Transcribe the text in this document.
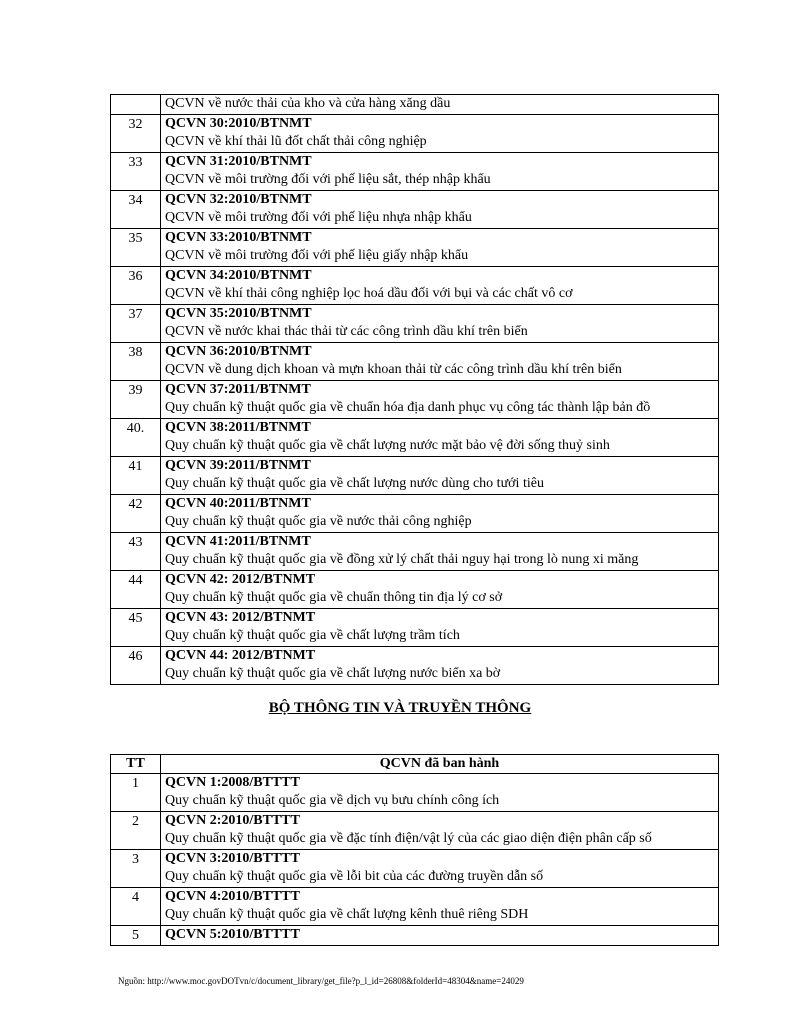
	QCVN về nước thải của kho và cửa hàng xăng dầu
32	QCVN 30:2010/BTNMT
QCVN về khí thải lũ đốt chất thải công nghiệp

33	QCVN 31:2010/BTNMT
QCVN về môi trường đối với phế liệu sắt, thép nhập khẩu

34	QCVN 32:2010/BTNMT
QCVN về môi trường đối với phế liệu nhựa nhập khẩu

35	QCVN 33:2010/BTNMT
QCVN về môi trường đối với phế liệu giấy nhập khẩu

36	QCVN 34:2010/BTNMT
QCVN về khí thải công nghiệp lọc hoá dầu đối với bụi và các chất vô cơ

37	QCVN 35:2010/BTNMT
QCVN về nước khai thác thải từ các công trình dầu khí trên biển

38	QCVN 36:2010/BTNMT
QCVN về dung dịch khoan và mựn khoan thải từ các công trình dầu khí trên biển

39	QCVN 37:2011/BTNMT
Quy chuẩn kỹ thuật quốc gia về chuẩn hóa địa danh phục vụ công tác thành lập bản đồ

40.	QCVN 38:2011/BTNMT
Quy chuẩn kỹ thuật quốc gia về chất lượng nước mặt bảo vệ đời sống thuỷ sinh

41	QCVN 39:2011/BTNMT
Quy chuẩn kỹ thuật quốc gia về chất lượng nước dùng cho tưới tiêu

42	QCVN 40:2011/BTNMT
Quy chuẩn kỹ thuật quốc gia về nước thải công nghiệp

43	QCVN 41:2011/BTNMT
Quy chuẩn kỹ thuật quốc gia về đồng xử lý chất thải nguy hại trong lò nung xi măng

44	QCVN 42: 2012/BTNMT
Quy chuẩn kỹ thuật quốc gia về chuẩn thông tin địa lý cơ sở

45	QCVN 43: 2012/BTNMT
Quy chuẩn kỹ thuật quốc gia về chất lượng trầm tích

46	QCVN 44: 2012/BTNMT
Quy chuẩn kỹ thuật quốc gia về chất lượng nước biển xa bờ
BỘ THÔNG TIN VÀ TRUYỀN THÔNG
TT	QCVN đã ban hành
1	QCVN 1:2008/BTTTT
Quy chuẩn kỹ thuật quốc gia về dịch vụ bưu chính công ích

2	QCVN 2:2010/BTTTT
Quy chuẩn kỹ thuật quốc gia về đặc tính điện/vật lý của các giao diện điện phân cấp số

3	QCVN 3:2010/BTTTT
Quy chuẩn kỹ thuật quốc gia về lỗi bit của các đường truyền dẫn số

4	QCVN 4:2010/BTTTT
Quy chuẩn kỹ thuật quốc gia về chất lượng kênh thuê riêng SDH

5	QCVN 5:2010/BTTTT
Nguồn: http://www.moc.govDOTvn/c/document_library/get_file?p_l_id=26808&folderId=48304&name=24029
